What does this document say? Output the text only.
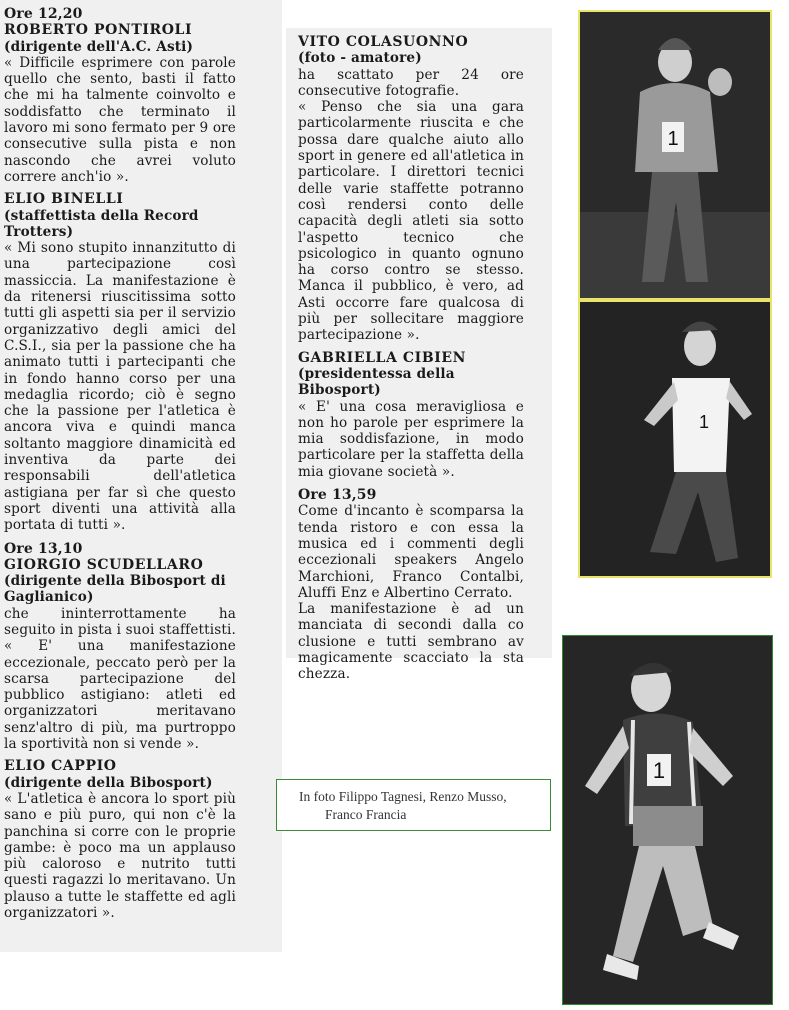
Ore 12,20

ROBERTO PONTIROLI

(dirigente dell'A.C. Asti)

« Difficile esprimere con parole quello che sento, basti il fatto che mi ha talmente coinvolto e soddisfatto che terminato il lavoro mi sono fermato per 9 ore consecutive sulla pista e non nascondo che avrei voluto correre anch'io ».

ELIO BINELLI

(staffettista della Record Trotters)

« Mi sono stupito innanzitutto di una partecipazione così massiccia. La manifestazione è da ritenersi riuscitissima sotto tutti gli aspetti sia per il servizio organizzativo degli amici del C.S.I., sia per la passione che ha animato tutti i partecipanti che in fondo hanno corso per una medaglia ricordo; ciò è segno che la passione per l'atletica è ancora viva e quindi manca soltanto maggiore dinamicità ed inventiva da parte dei responsabili dell'atletica astigiana per far sì che questo sport diventi una attività alla portata di tutti ».

Ore 13,10

GIORGIO SCUDELLARO

(dirigente della Bibosport di Gaglianico)

che ininterrottamente ha seguito in pista i suoi staffettisti.

« E' una manifestazione eccezionale, peccato però per la scarsa partecipazione del pubblico astigiano: atleti ed organizzatori meritavano senz'altro di più, ma purtroppo la sportività non si vende ».

ELIO CAPPIO

(dirigente della Bibosport)

« L'atletica è ancora lo sport più sano e più puro, qui non c'è la panchina si corre con le proprie gambe: è poco ma un applauso più caloroso e nutrito tutti questi ragazzi lo meritavano. Un plauso a tutte le staffette ed agli organizzatori ».

VITO COLASUONNO

(foto - amatore)

ha scattato per 24 ore consecutive fotografie.

« Penso che sia una gara particolarmente riuscita e che possa dare qualche aiuto allo sport in genere ed all'atletica in particolare. I direttori tecnici delle varie staffette potranno così rendersi conto delle capacità degli atleti sia sotto l'aspetto tecnico che psicologico in quanto ognuno ha corso contro se stesso. Manca il pubblico, è vero, ad Asti occorre fare qualcosa di più per sollecitare maggiore partecipazione ».

GABRIELLA CIBIEN

(presidentessa della Bibosport)

« E' una cosa meravigliosa e non ho parole per esprimere la mia soddisfazione, in modo particolare per la staffetta della mia giovane società ».

Ore 13,59

Come d'incanto è scomparsa la tenda ristoro e con essa la musica ed i commenti degli eccezionali speakers Angelo Marchioni, Franco Contalbi, Aluffi Enz e Albertino Cerrato.

La manifestazione è ad un manciata di secondi dalla co clusione e tutti sembrano av magicamente scacciato la sta chezza.

1
1
In foto Filippo Tagnesi, Renzo Musso,
Franco Francia
1
